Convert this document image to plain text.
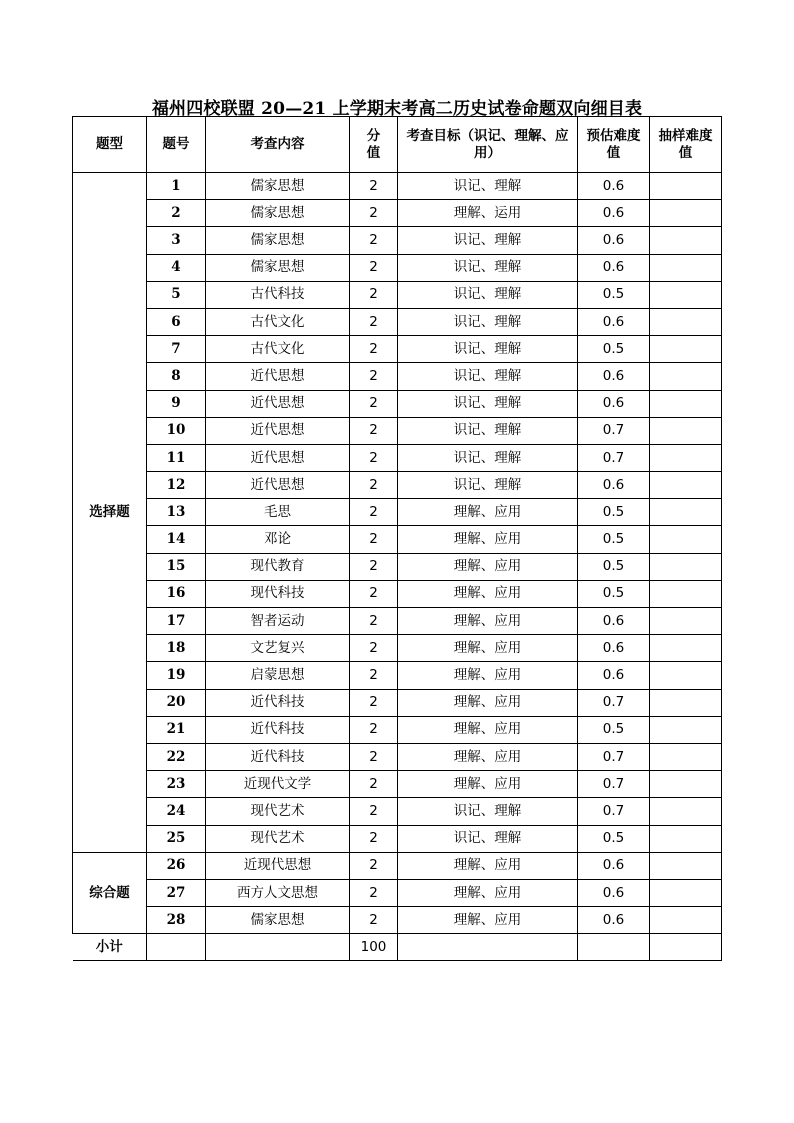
福州四校联盟 20—21 上学期末考高二历史试卷命题双向细目表
题型	题号	考查内容	分值	考查目标（识记、理解、应用）	预估难度值	抽样难度值
选择题	1	儒家思想	2	识记、理解	0.6	
	2	儒家思想	2	理解、运用	0.6	
	3	儒家思想	2	识记、理解	0.6	
	4	儒家思想	2	识记、理解	0.6	
	5	古代科技	2	识记、理解	0.5	
	6	古代文化	2	识记、理解	0.6	
	7	古代文化	2	识记、理解	0.5	
	8	近代思想	2	识记、理解	0.6	
	9	近代思想	2	识记、理解	0.6	
	10	近代思想	2	识记、理解	0.7	
	11	近代思想	2	识记、理解	0.7	
	12	近代思想	2	识记、理解	0.6	
	13	毛思	2	理解、应用	0.5	
	14	邓论	2	理解、应用	0.5	
	15	现代教育	2	理解、应用	0.5	
	16	现代科技	2	理解、应用	0.5	
	17	智者运动	2	理解、应用	0.6	
	18	文艺复兴	2	理解、应用	0.6	
	19	启蒙思想	2	理解、应用	0.6	
	20	近代科技	2	理解、应用	0.7	
	21	近代科技	2	理解、应用	0.5	
	22	近代科技	2	理解、应用	0.7	
	23	近现代文学	2	理解、应用	0.7	
	24	现代艺术	2	识记、理解	0.7	
	25	现代艺术	2	识记、理解	0.5	
综合题	26	近现代思想	2	理解、应用	0.6	
	27	西方人文思想	2	理解、应用	0.6	
	28	儒家思想	2	理解、应用	0.6	
小计			100			
